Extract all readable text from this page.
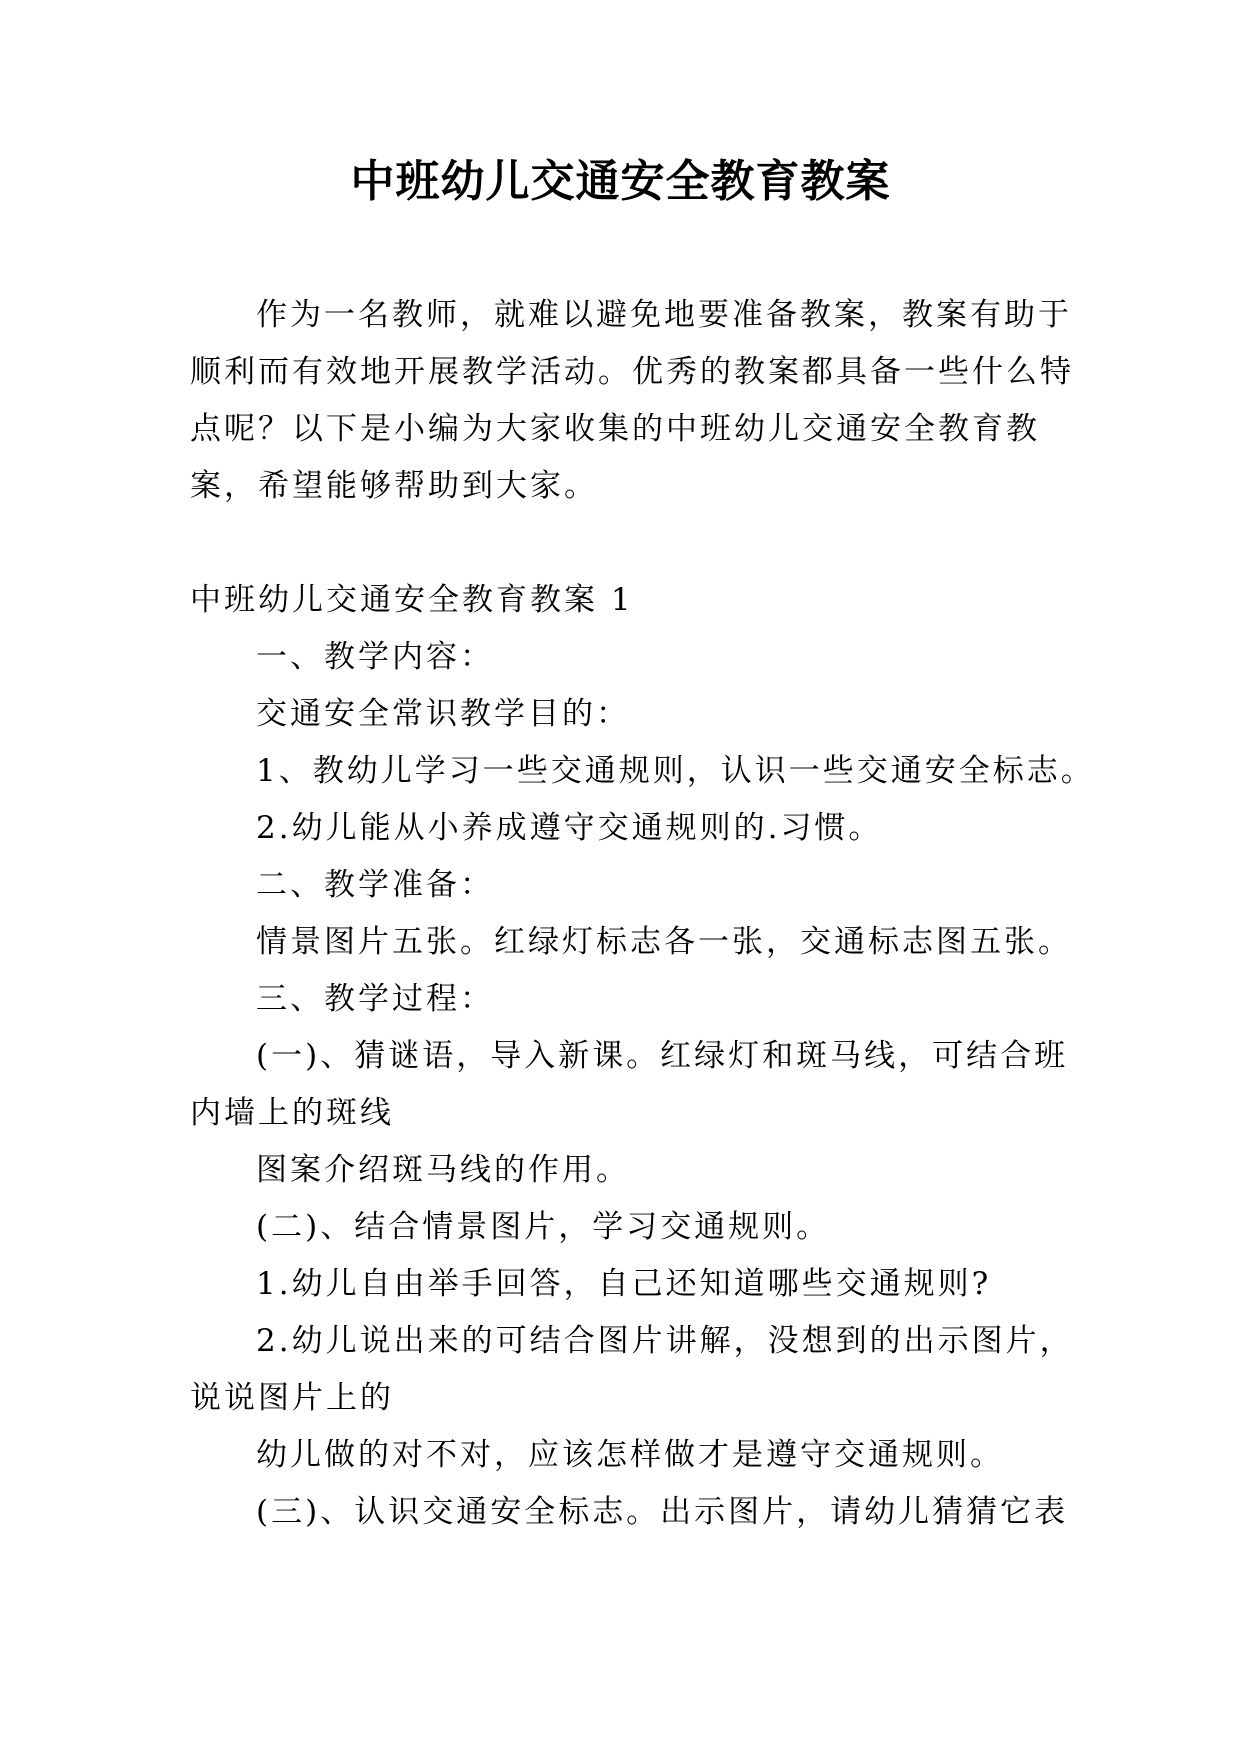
中班幼儿交通安全教育教案
作为一名教师，就难以避免地要准备教案，教案有助于
顺利而有效地开展教学活动。优秀的教案都具备一些什么特
点呢？以下是小编为大家收集的中班幼儿交通安全教育教
案，希望能够帮助到大家。
中班幼儿交通安全教育教案 1
一、教学内容：
交通安全常识教学目的：
1、教幼儿学习一些交通规则，认识一些交通安全标志。
2.幼儿能从小养成遵守交通规则的.习惯。
二、教学准备：
情景图片五张。红绿灯标志各一张，交通标志图五张。
三、教学过程：
(一)、猜谜语，导入新课。红绿灯和斑马线，可结合班
内墙上的斑线
图案介绍斑马线的作用。
(二)、结合情景图片，学习交通规则。
1.幼儿自由举手回答，自己还知道哪些交通规则?
2.幼儿说出来的可结合图片讲解，没想到的出示图片，
说说图片上的
幼儿做的对不对，应该怎样做才是遵守交通规则。
(三)、认识交通安全标志。出示图片，请幼儿猜猜它表
